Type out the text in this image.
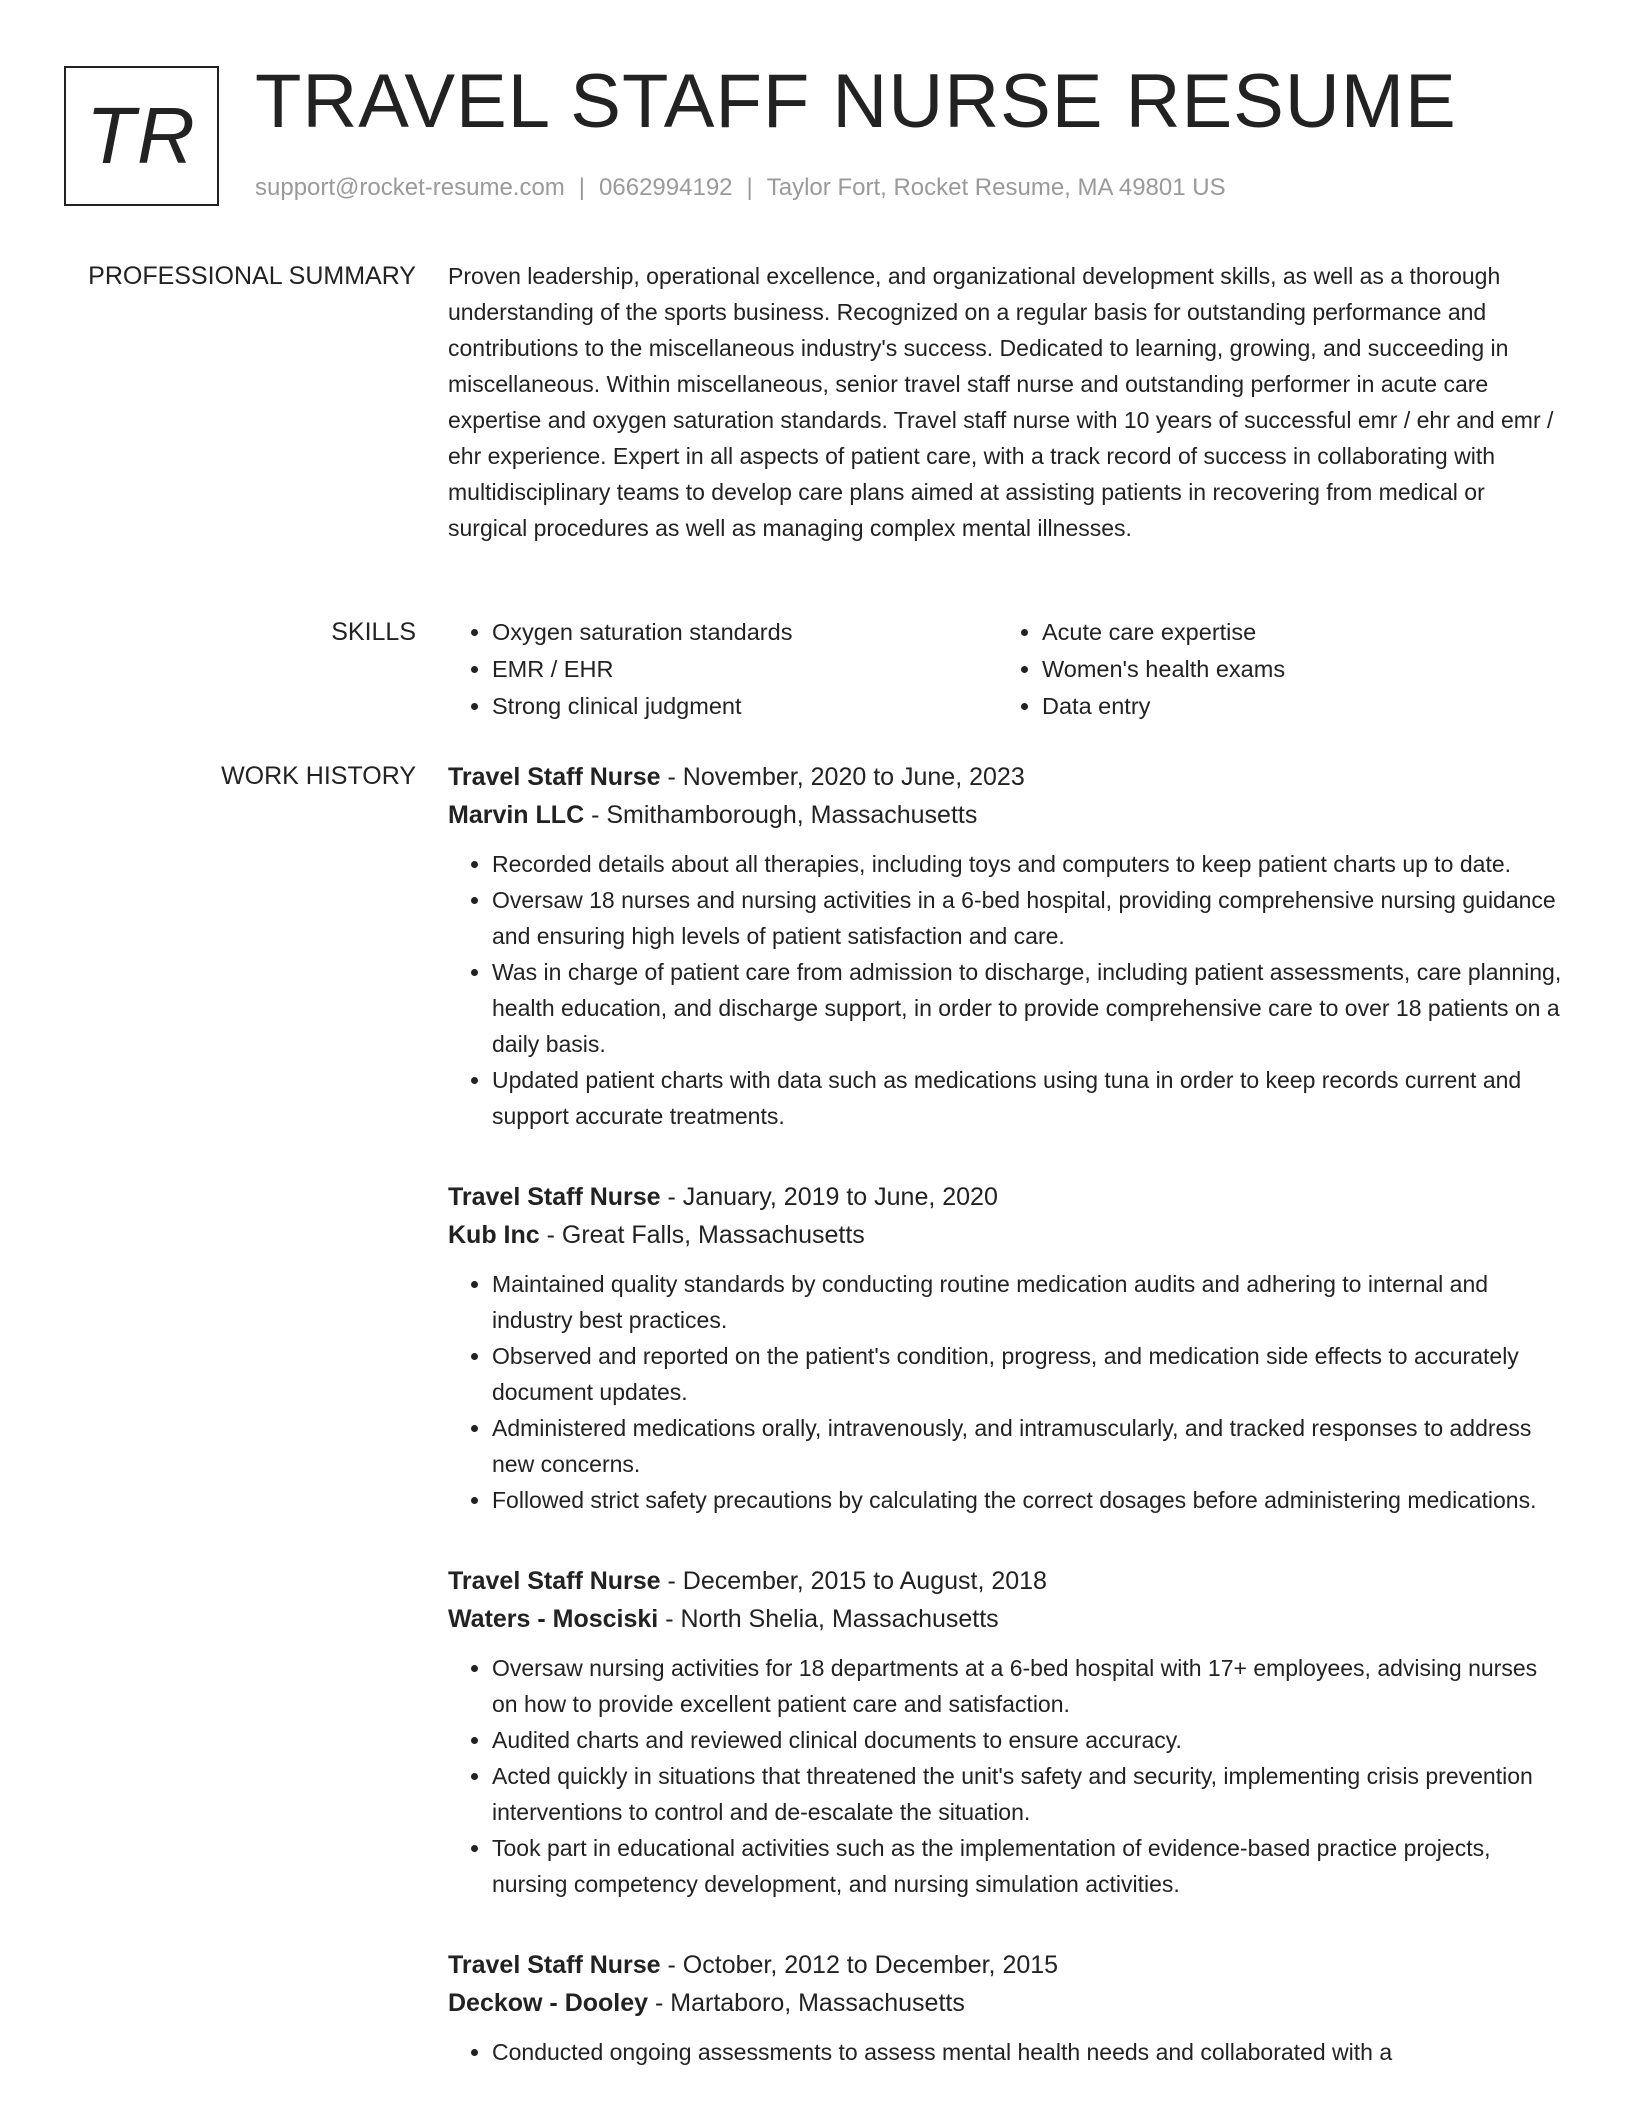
TR TRAVEL STAFF NURSE RESUME
support@rocket-resume.com | 0662994192 | Taylor Fort, Rocket Resume, MA 49801 US
PROFESSIONAL SUMMARY Proven leadership, operational excellence, and organizational development skills, as well as a thorough understanding of the sports business. Recognized on a regular basis for outstanding performance and contributions to the miscellaneous industry's success. Dedicated to learning, growing, and succeeding in miscellaneous. Within miscellaneous, senior travel staff nurse and outstanding performer in acute care expertise and oxygen saturation standards. Travel staff nurse with 10 years of successful emr / ehr and emr / ehr experience. Expert in all aspects of patient care, with a track record of success in collaborating with multidisciplinary teams to develop care plans aimed at assisting patients in recovering from medical or surgical procedures as well as managing complex mental illnesses.

SKILLS
•	Oxygen saturation standards
• EMR / EHR
• Strong clinical judgment
• Acute care expertise
• Women's health exams
• Data entry
WORK HISTORY Travel Staff Nurse - November, 2020 to June, 2023

Marvin LLC - Smithamborough, Massachusetts

• Recorded details about all therapies, including toys and computers to keep patient charts up to date.
• Oversaw 18 nurses and nursing activities in a 6-bed hospital, providing comprehensive nursing guidance and ensuring high levels of patient satisfaction and care.
• Was in charge of patient care from admission to discharge, including patient assessments, care planning, health education, and discharge support, in order to provide comprehensive care to over 18 patients on a daily basis.
• Updated patient charts with data such as medications using tuna in order to keep records current and support accurate treatments.

Travel Staff Nurse - January, 2019 to June, 2020

Kub Inc - Great Falls, Massachusetts

• Maintained quality standards by conducting routine medication audits and adhering to internal and industry best practices.
• Observed and reported on the patient's condition, progress, and medication side effects to accurately document updates.
• Administered medications orally, intravenously, and intramuscularly, and tracked responses to address new concerns.
• Followed strict safety precautions by calculating the correct dosages before administering medications.

Travel Staff Nurse - December, 2015 to August, 2018

Waters - Mosciski - North Shelia, Massachusetts

• Oversaw nursing activities for 18 departments at a 6-bed hospital with 17+ employees, advising nurses on how to provide excellent patient care and satisfaction.
• Audited charts and reviewed clinical documents to ensure accuracy.
• Acted quickly in situations that threatened the unit's safety and security, implementing crisis prevention interventions to control and de-escalate the situation.
• Took part in educational activities such as the implementation of evidence-based practice projects, nursing competency development, and nursing simulation activities.

Travel Staff Nurse - October, 2012 to December, 2015

Deckow - Dooley - Martaboro, Massachusetts

• Conducted ongoing assessments to assess mental health needs and collaborated with a
